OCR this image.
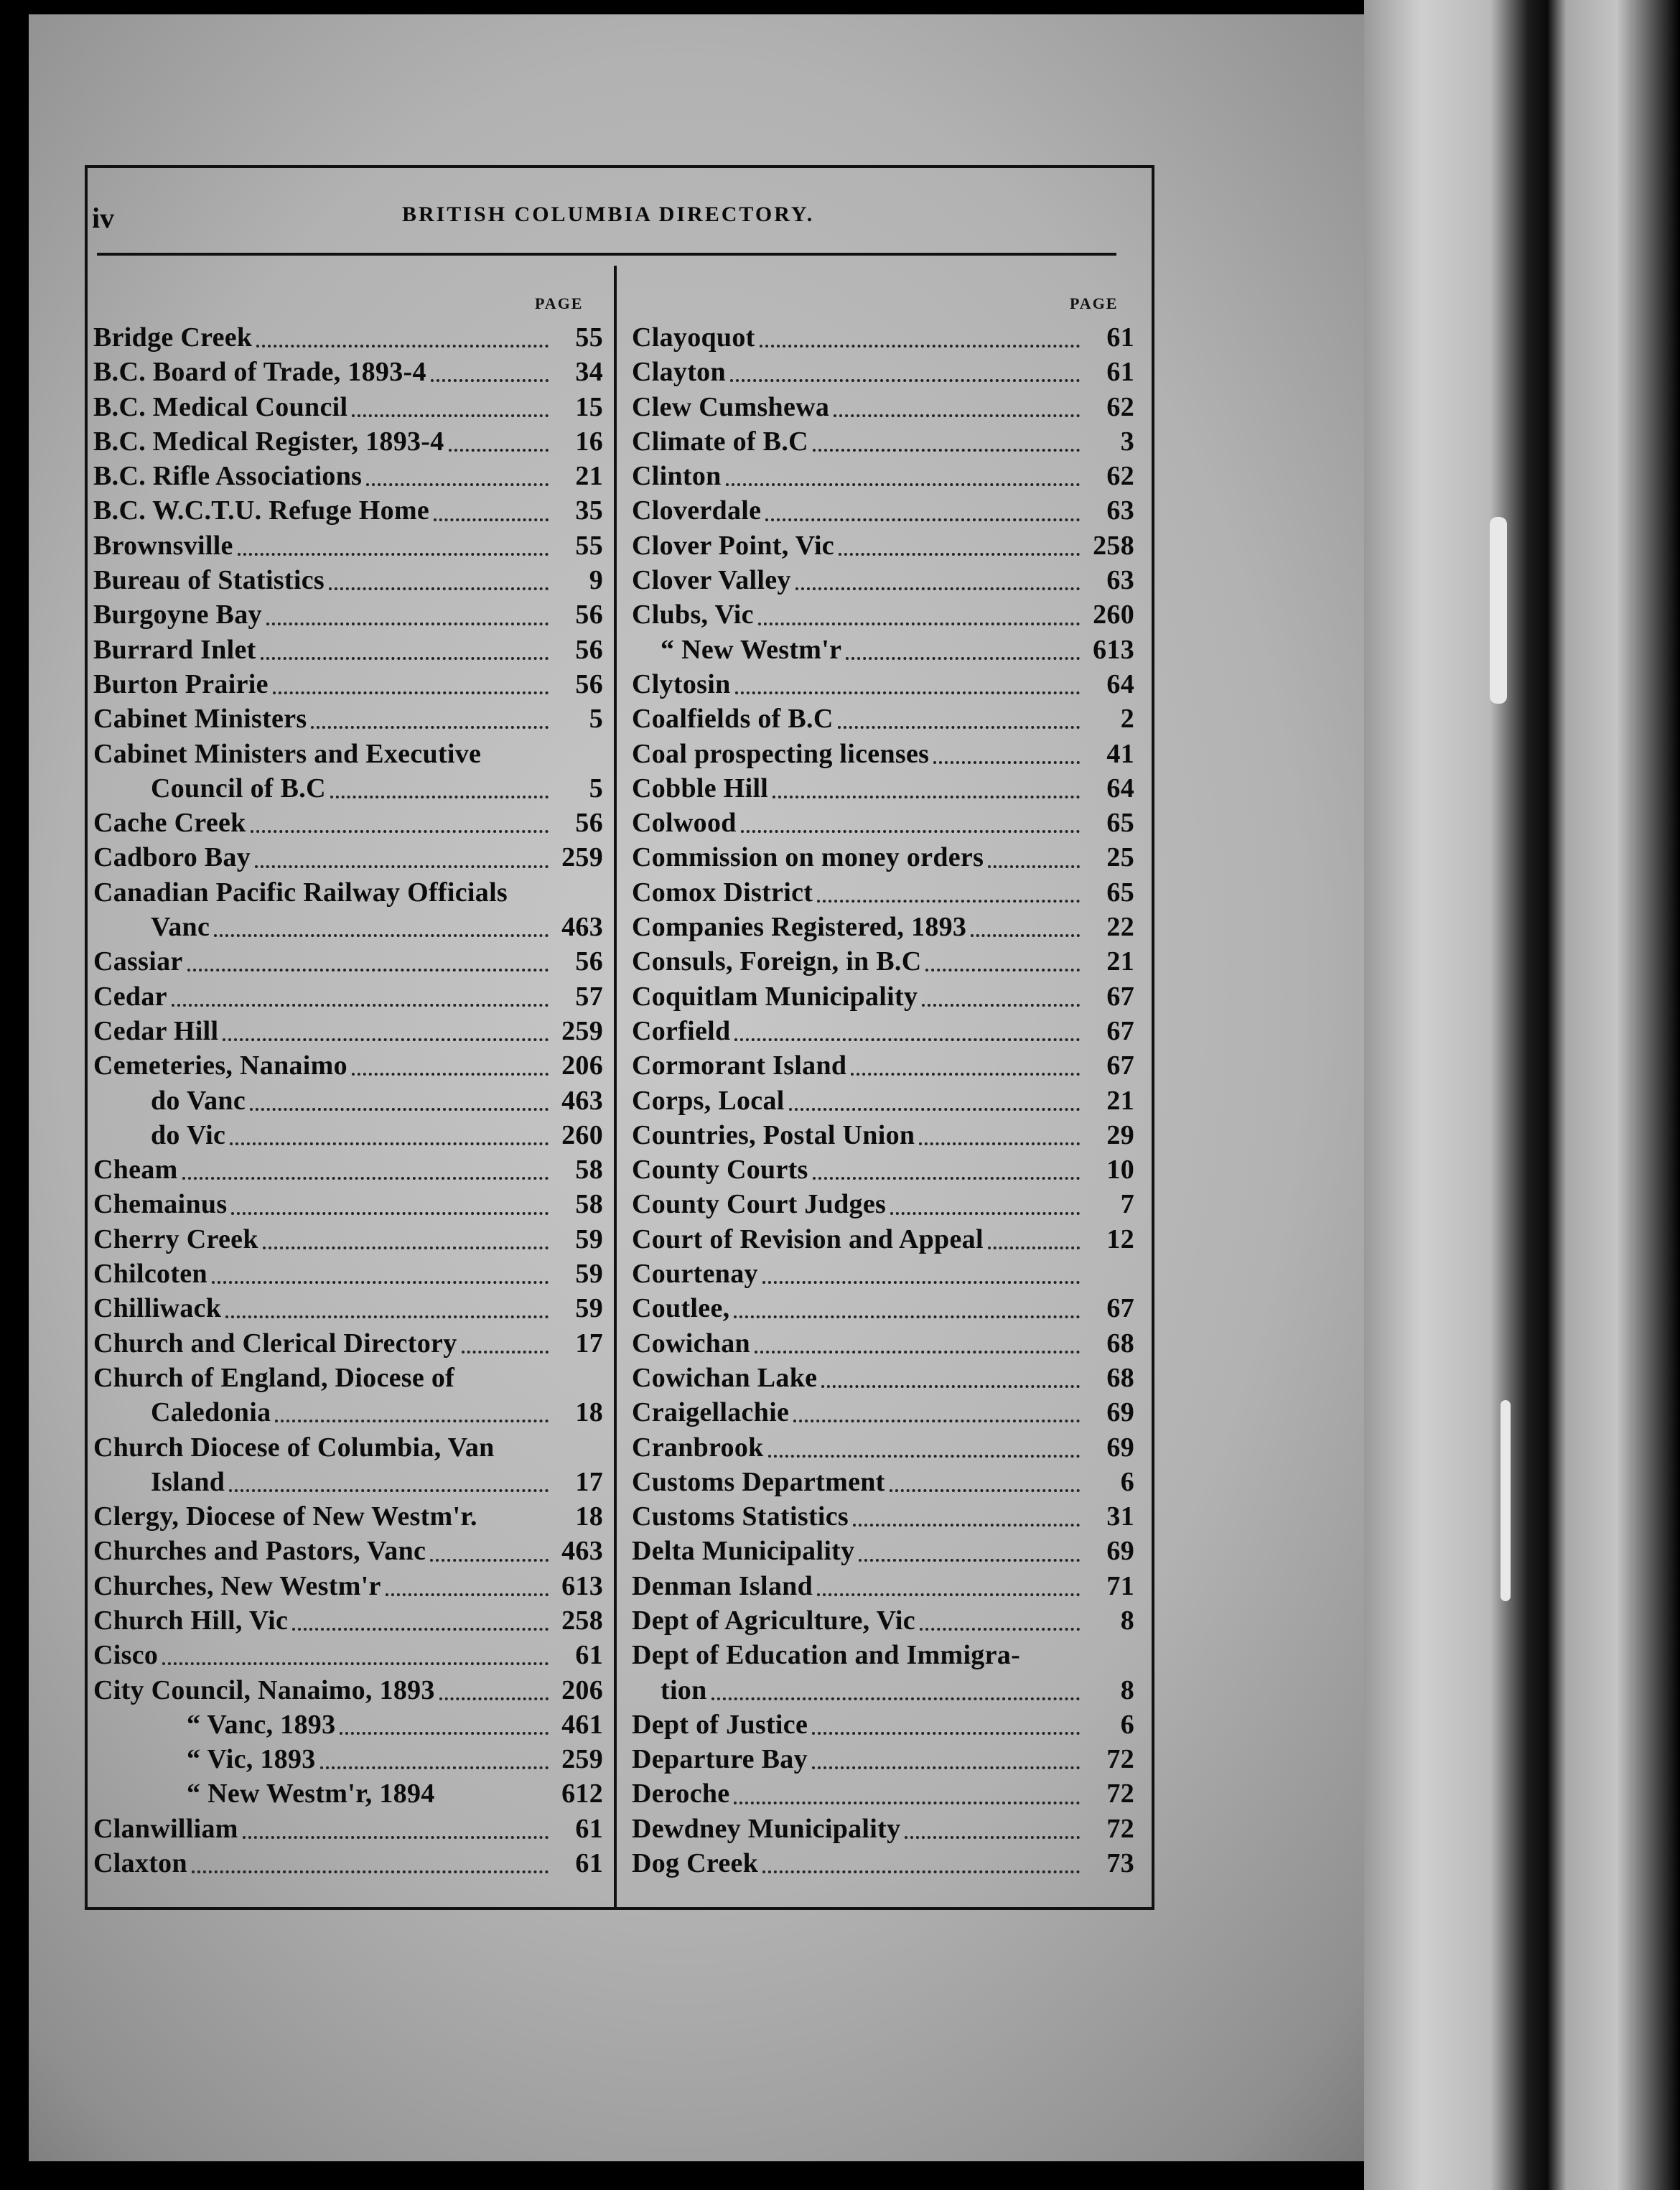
iv	BRITISH COLUMBIA DIRECTORY.
PAGE	PAGE
Bridge Creek	55
B.C. Board of Trade, 1893-4	34
B.C. Medical Council	15
B.C. Medical Register, 1893-4	16
B.C. Rifle Associations	21
B.C. W.C.T.U. Refuge Home	35
Brownsville	55
Bureau of Statistics	9
Burgoyne Bay	56
Burrard Inlet	56
Burton Prairie	56
Cabinet Ministers	5
Cabinet Ministers and Executive
Council of B.C	5
Cache Creek	56
Cadboro Bay	259
Canadian Pacific Railway Officials
Vanc	463
Cassiar	56
Cedar	57
Cedar Hill	259
Cemeteries, Nanaimo	206
do Vanc	463
do Vic	260
Cheam	58
Chemainus	58
Cherry Creek	59
Chilcoten	59
Chilliwack	59
Church and Clerical Directory	17
Church of England, Diocese of
Caledonia	18
Church Diocese of Columbia, Van
Island	17
Clergy, Diocese of New Westm'r.	18
Churches and Pastors, Vanc	463
Churches, New Westm'r	613
Church Hill, Vic	258
Cisco	61
City Council, Nanaimo, 1893	206
“ Vanc, 1893	461
“ Vic, 1893	259
“ New Westm'r, 1894	612
Clanwilliam	61
Claxton	61
Clayoquot	61
Clayton	61
Clew Cumshewa	62
Climate of B.C	3
Clinton	62
Cloverdale	63
Clover Point, Vic	258
Clover Valley	63
Clubs, Vic	260
“ New Westm'r	613
Clytosin	64
Coalfields of B.C	2
Coal prospecting licenses	41
Cobble Hill	64
Colwood	65
Commission on money orders	25
Comox District	65
Companies Registered, 1893	22
Consuls, Foreign, in B.C	21
Coquitlam Municipality	67
Corfield	67
Cormorant Island	67
Corps, Local	21
Countries, Postal Union	29
County Courts	10
County Court Judges	7
Court of Revision and Appeal	12
Courtenay
Coutlee,	67
Cowichan	68
Cowichan Lake	68
Craigellachie	69
Cranbrook	69
Customs Department	6
Customs Statistics	31
Delta Municipality	69
Denman Island	71
Dept of Agriculture, Vic	8
Dept of Education and Immigra-
tion	8
Dept of Justice	6
Departure Bay	72
Deroche	72
Dewdney Municipality	72
Dog Creek	73
